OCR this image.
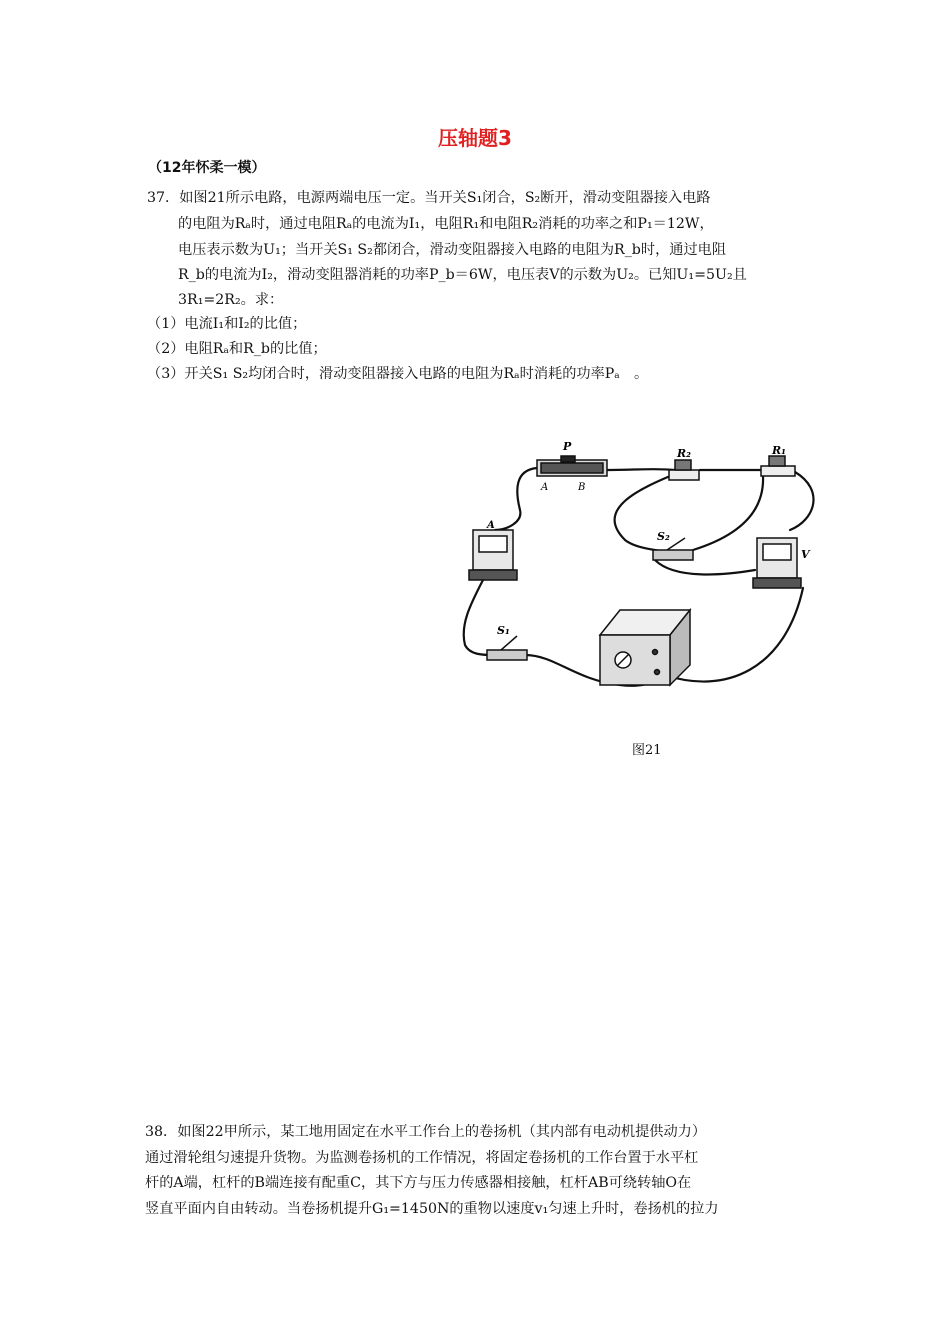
压轴题3
（12年怀柔一模）
37．如图21所示电路，电源两端电压一定。当开关S₁闭合，S₂断开，滑动变阻器接入电路
的电阻为Rₐ时，通过电阻Rₐ的电流为I₁，电阻R₁和电阻R₂消耗的功率之和P₁＝12W，
电压表示数为U₁；当开关S₁ S₂都闭合，滑动变阻器接入电路的电阻为R_b时，通过电阻
R_b的电流为I₂，滑动变阻器消耗的功率P_b＝6W，电压表V的示数为U₂。已知U₁=5U₂且
3R₁=2R₂。求：
（1）电流I₁和I₂的比值；
（2）电阻Rₐ和R_b的比值；
（3）开关S₁ S₂均闭合时，滑动变阻器接入电路的电阻为Rₐ时消耗的功率Pₐ　。
P
A	B
R₂	R₁
S₂
A
V
S₁
图21
38．如图22甲所示，某工地用固定在水平工作台上的卷扬机（其内部有电动机提供动力）
通过滑轮组匀速提升货物。为监测卷扬机的工作情况，将固定卷扬机的工作台置于水平杠
杆的A端，杠杆的B端连接有配重C，其下方与压力传感器相接触，杠杆AB可绕转轴O在
竖直平面内自由转动。当卷扬机提升G₁=1450N的重物以速度v₁匀速上升时，卷扬机的拉力
